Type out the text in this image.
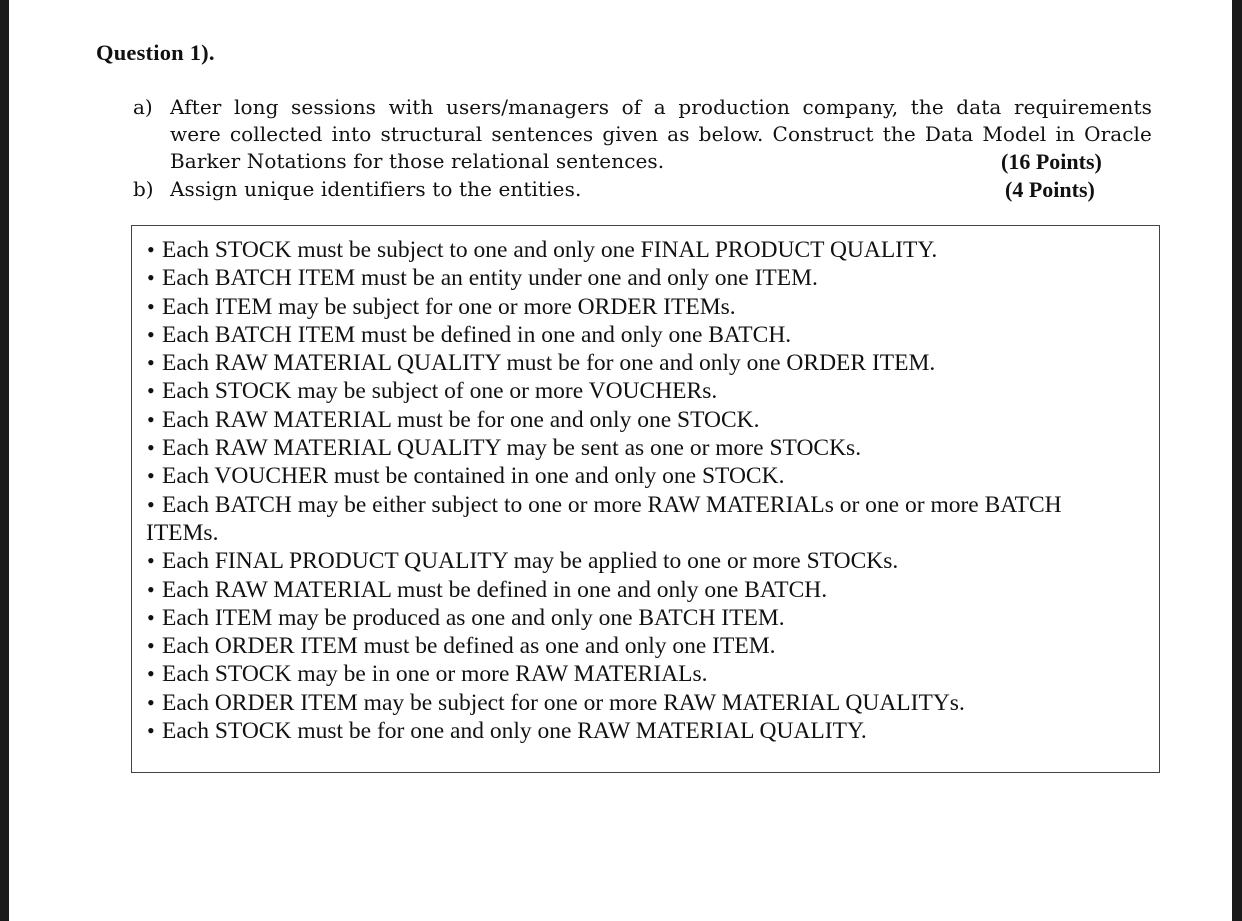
Question 1).
a) After long sessions with users/managers of a production company, the data requirements
were collected into structural sentences given as below. Construct the Data Model in Oracle
Barker Notations for those relational sentences.	(16 Points)
b) Assign unique identifiers to the entities.	(4 Points)
• Each STOCK must be subject to one and only one FINAL PRODUCT QUALITY.
• Each BATCH ITEM must be an entity under one and only one ITEM.
• Each ITEM may be subject for one or more ORDER ITEMs.
• Each BATCH ITEM must be defined in one and only one BATCH.
• Each RAW MATERIAL QUALITY must be for one and only one ORDER ITEM.
• Each STOCK may be subject of one or more VOUCHERs.
• Each RAW MATERIAL must be for one and only one STOCK.
• Each RAW MATERIAL QUALITY may be sent as one or more STOCKs.
• Each VOUCHER must be contained in one and only one STOCK.
• Each BATCH may be either subject to one or more RAW MATERIALs or one or more BATCH
ITEMs.
• Each FINAL PRODUCT QUALITY may be applied to one or more STOCKs.
• Each RAW MATERIAL must be defined in one and only one BATCH.
• Each ITEM may be produced as one and only one BATCH ITEM.
• Each ORDER ITEM must be defined as one and only one ITEM.
• Each STOCK may be in one or more RAW MATERIALs.
• Each ORDER ITEM may be subject for one or more RAW MATERIAL QUALITYs.
• Each STOCK must be for one and only one RAW MATERIAL QUALITY.
